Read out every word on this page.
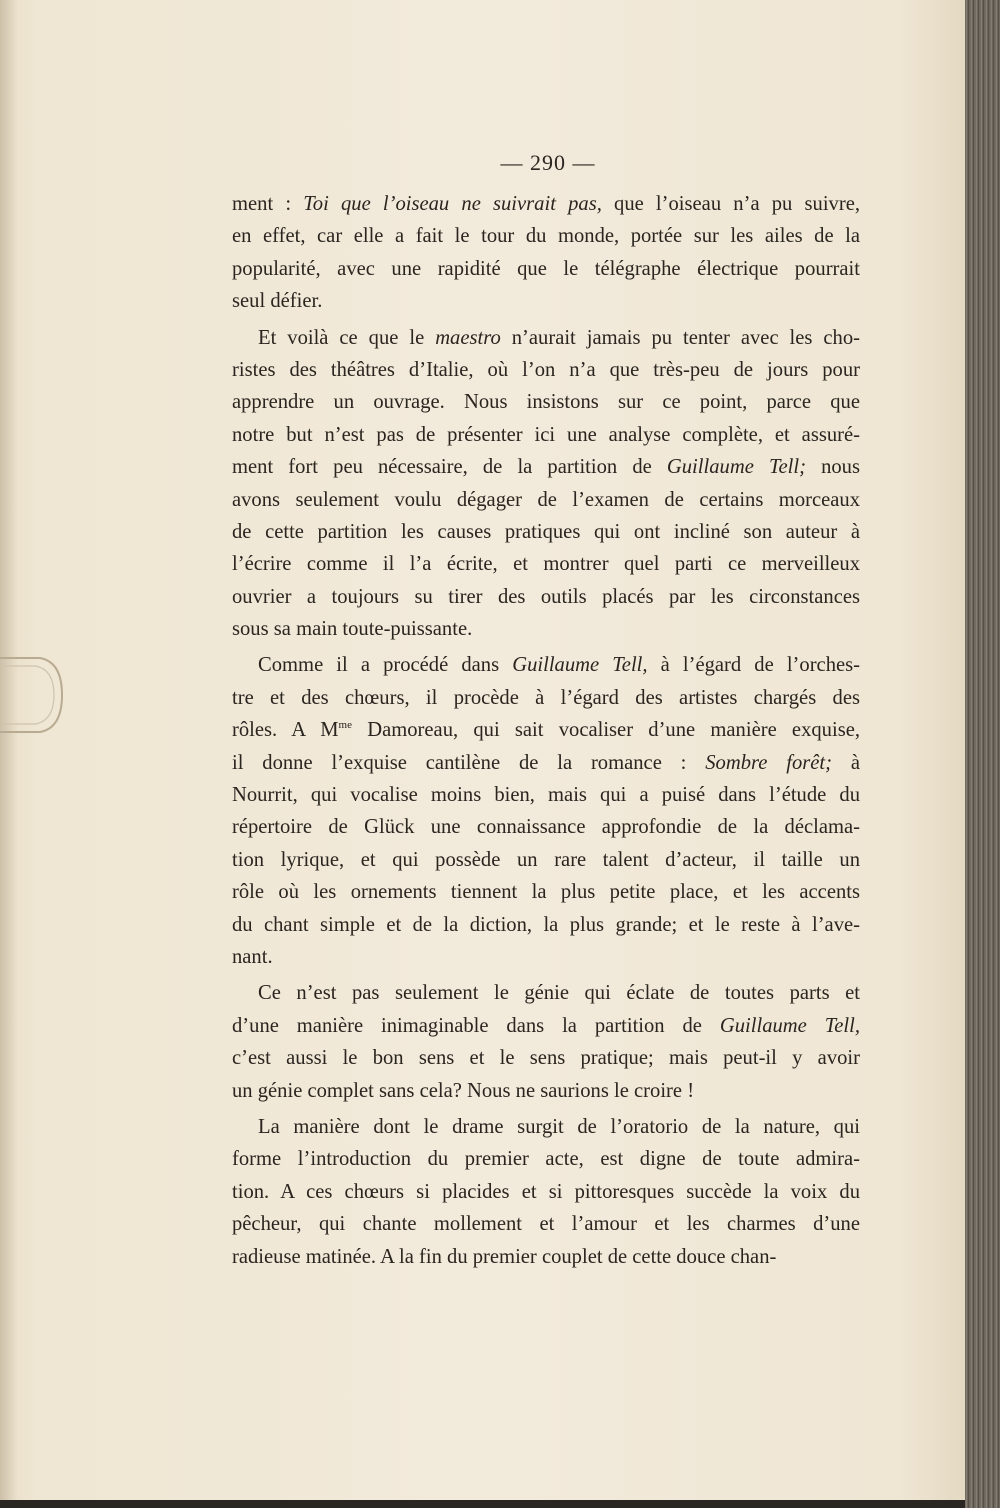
— 290 —
ment : Toi que l’oiseau ne suivrait pas, que l’oiseau n’a pu suivre,
en effet, car elle a fait le tour du monde, portée sur les ailes de la
popularité, avec une rapidité que le télégraphe électrique pourrait
seul défier.
Et voilà ce que le maestro n’aurait jamais pu tenter avec les cho-
ristes des théâtres d’Italie, où l’on n’a que très-peu de jours pour
apprendre un ouvrage. Nous insistons sur ce point, parce que
notre but n’est pas de présenter ici une analyse complète, et assuré-
ment fort peu nécessaire, de la partition de Guillaume Tell; nous
avons seulement voulu dégager de l’examen de certains morceaux
de cette partition les causes pratiques qui ont incliné son auteur à
l’écrire comme il l’a écrite, et montrer quel parti ce merveilleux
ouvrier a toujours su tirer des outils placés par les circonstances
sous sa main toute-puissante.
Comme il a procédé dans Guillaume Tell, à l’égard de l’orches-
tre et des chœurs, il procède à l’égard des artistes chargés des
rôles. A $M^{me}$ Damoreau, qui sait vocaliser d’une manière exquise,
il donne l’exquise cantilène de la romance : Sombre forêt; à
Nourrit, qui vocalise moins bien, mais qui a puisé dans l’étude du
répertoire de Glück une connaissance approfondie de la déclama-
tion lyrique, et qui possède un rare talent d’acteur, il taille un
rôle où les ornements tiennent la plus petite place, et les accents
du chant simple et de la diction, la plus grande; et le reste à l’ave-
nant.
Ce n’est pas seulement le génie qui éclate de toutes parts et
d’une manière inimaginable dans la partition de Guillaume Tell,
c’est aussi le bon sens et le sens pratique; mais peut-il y avoir
un génie complet sans cela? Nous ne saurions le croire !
La manière dont le drame surgit de l’oratorio de la nature, qui
forme l’introduction du premier acte, est digne de toute admira-
tion. A ces chœurs si placides et si pittoresques succède la voix du
pêcheur, qui chante mollement et l’amour et les charmes d’une
radieuse matinée. A la fin du premier couplet de cette douce chan-
